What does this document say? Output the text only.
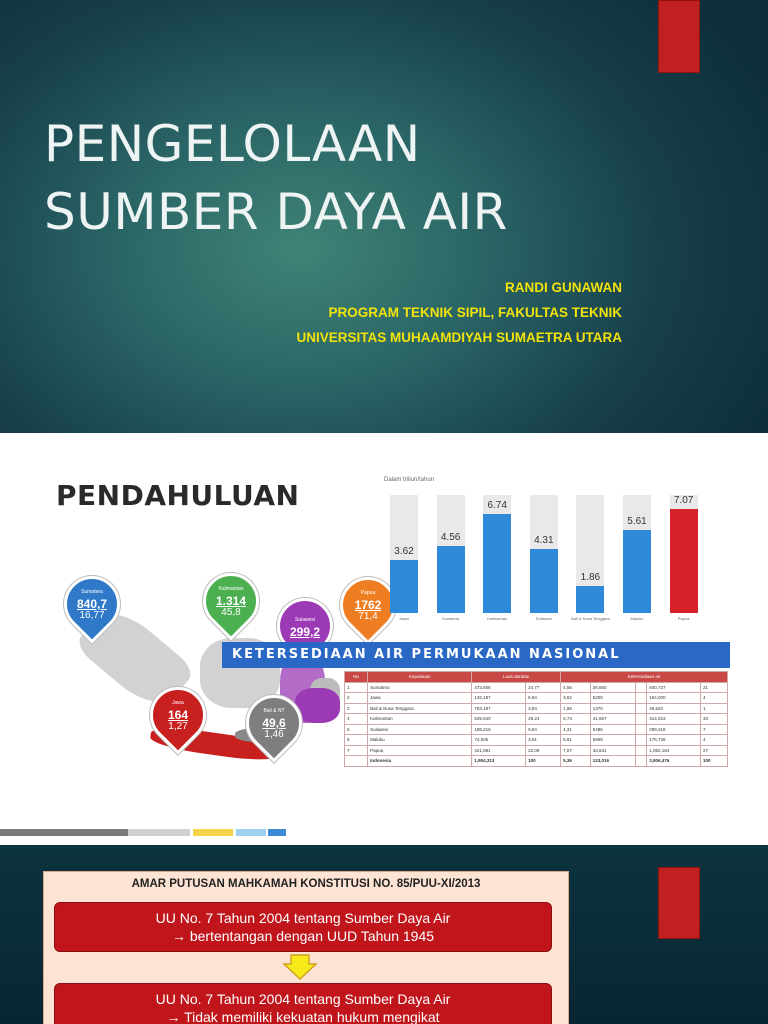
PENGELOLAAN
SUMBER DAYA AIR

RANDI GUNAWAN

PROGRAM TEKNIK SIPIL, FAKULTAS TEKNIK

UNIVERSITAS MUHAAMDIYAH SUMAETRA UTARA

PENDAHULUAN
Sumatera
840,7
16,77
Kalimantan
1.314
45,8
Sulawesi
299,2
Papua
1762
71,4
Jawa
164
1,27
Bali & NT
49,6
1,46
Dalam triliun/tahun
3.62
Jawa
4.56
Sumatera
6.74
Kalimantan
4.31
Sulawesi
1.86
Bali & Nusa Tenggara
5.61
Maluku
7.07
Papua
KETERSEDIAAN AIR PERMUKAAN NASIONAL
No	Kepulauan	Luas daratan		Ketersediaan air				
1	Sumatera	473,606	24,77	4,56	26,660		840,737	21
2	Jawa	132,187	6,94	3,62	5200		164,000	4
3	Bali & Nusa Tenggara	753,187	3,84	1,86	1370		49,620	1
4	Kalimantan	539,640	28,24	6,74	41,667		314,023	33
5	Sulawesi	188,216	9,84	4,31	5486		299,218	7
6	Maluku	74,505	3,91	5,61	5968		176,726	4
7	Papua	421,981	22,08	7,07	33,631		1,062,164	27
	Indonesia	1,904,313	100	5,36	123,016		3,906,476	100

AMAR PUTUSAN MAHKAMAH KONSTITUSI NO. 85/PUU-XI/2013

UU No. 7 Tahun 2004 tentang Sumber Daya Air
→ bertentangan dengan UUD Tahun 1945
UU No. 7 Tahun 2004 tentang Sumber Daya Air
→ Tidak memiliki kekuatan hukum mengikat
